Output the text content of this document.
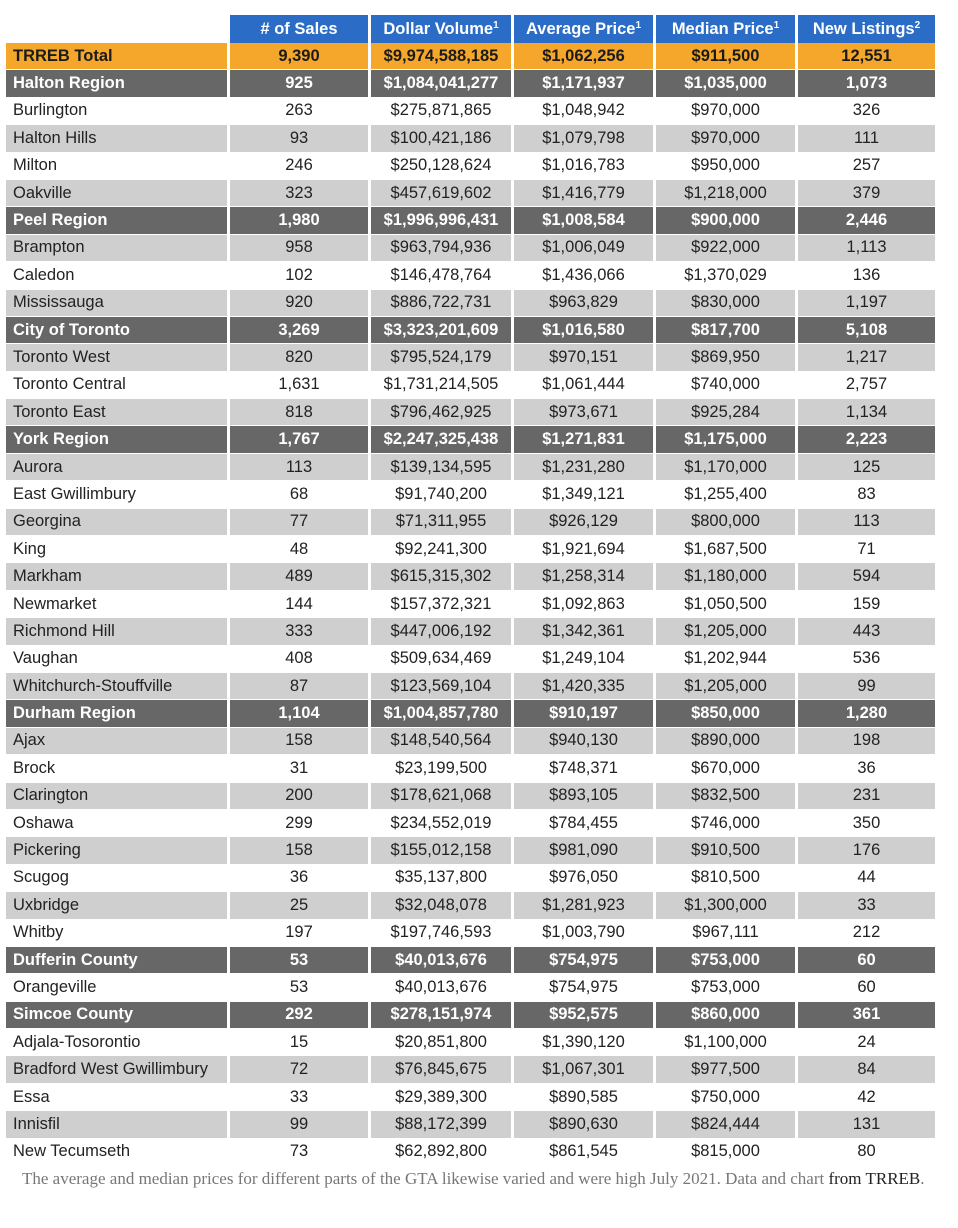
	# of Sales	Dollar Volume$^1$	Average Price$^1$	Median Price$^1$	New Listings$^2$
TRREB Total	9,390	$9,974,588,185	$1,062,256	$911,500	12,551
Halton Region	925	$1,084,041,277	$1,171,937	$1,035,000	1,073
Burlington	263	$275,871,865	$1,048,942	$970,000	326
Halton Hills	93	$100,421,186	$1,079,798	$970,000	111
Milton	246	$250,128,624	$1,016,783	$950,000	257
Oakville	323	$457,619,602	$1,416,779	$1,218,000	379
Peel Region	1,980	$1,996,996,431	$1,008,584	$900,000	2,446
Brampton	958	$963,794,936	$1,006,049	$922,000	1,113
Caledon	102	$146,478,764	$1,436,066	$1,370,029	136
Mississauga	920	$886,722,731	$963,829	$830,000	1,197
City of Toronto	3,269	$3,323,201,609	$1,016,580	$817,700	5,108
Toronto West	820	$795,524,179	$970,151	$869,950	1,217
Toronto Central	1,631	$1,731,214,505	$1,061,444	$740,000	2,757
Toronto East	818	$796,462,925	$973,671	$925,284	1,134
York Region	1,767	$2,247,325,438	$1,271,831	$1,175,000	2,223
Aurora	113	$139,134,595	$1,231,280	$1,170,000	125
East Gwillimbury	68	$91,740,200	$1,349,121	$1,255,400	83
Georgina	77	$71,311,955	$926,129	$800,000	113
King	48	$92,241,300	$1,921,694	$1,687,500	71
Markham	489	$615,315,302	$1,258,314	$1,180,000	594
Newmarket	144	$157,372,321	$1,092,863	$1,050,500	159
Richmond Hill	333	$447,006,192	$1,342,361	$1,205,000	443
Vaughan	408	$509,634,469	$1,249,104	$1,202,944	536
Whitchurch-Stouffville	87	$123,569,104	$1,420,335	$1,205,000	99
Durham Region	1,104	$1,004,857,780	$910,197	$850,000	1,280
Ajax	158	$148,540,564	$940,130	$890,000	198
Brock	31	$23,199,500	$748,371	$670,000	36
Clarington	200	$178,621,068	$893,105	$832,500	231
Oshawa	299	$234,552,019	$784,455	$746,000	350
Pickering	158	$155,012,158	$981,090	$910,500	176
Scugog	36	$35,137,800	$976,050	$810,500	44
Uxbridge	25	$32,048,078	$1,281,923	$1,300,000	33
Whitby	197	$197,746,593	$1,003,790	$967,111	212
Dufferin County	53	$40,013,676	$754,975	$753,000	60
Orangeville	53	$40,013,676	$754,975	$753,000	60
Simcoe County	292	$278,151,974	$952,575	$860,000	361
Adjala-Tosorontio	15	$20,851,800	$1,390,120	$1,100,000	24
Bradford West Gwillimbury	72	$76,845,675	$1,067,301	$977,500	84
Essa	33	$29,389,300	$890,585	$750,000	42
Innisfil	99	$88,172,399	$890,630	$824,444	131
New Tecumseth	73	$62,892,800	$861,545	$815,000	80
The average and median prices for different parts of the GTA likewise varied and were high July 2021. Data and chart from TRREB.
